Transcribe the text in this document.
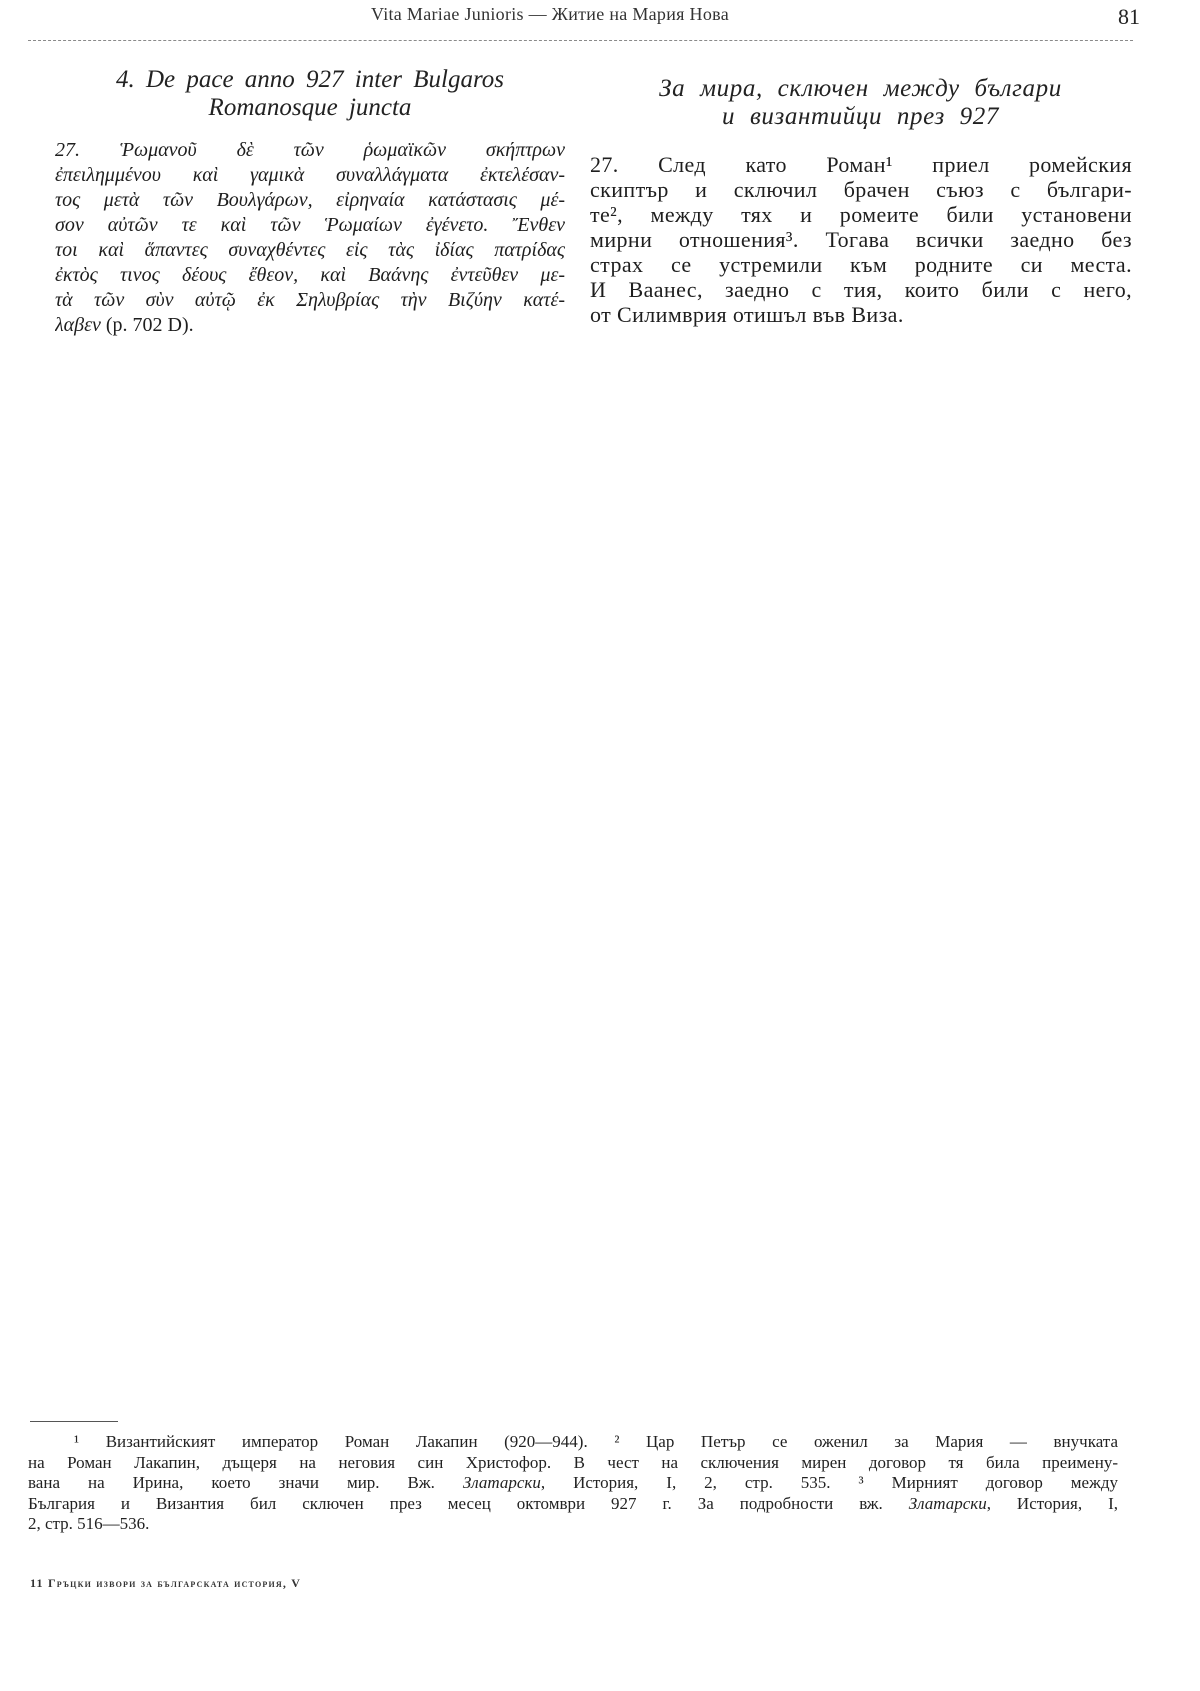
Vita Mariae Junioris — Житие на Мария Нова	81
4. De pace anno 927 inter Bulgaros
Romanosque juncta
За мира, сключен между българи
и византийци през 927
27. Ῥωμανοῦ δὲ τῶν ῥωμαϊκῶν σκήπτρων
ἐπειλημμένου καὶ γαμικὰ συναλλάγματα ἐκτελέσαν-
τος μετὰ τῶν Βουλγάρων, εἰρηναία κατάστασις μέ-
σον αὐτῶν τε καὶ τῶν Ῥωμαίων ἐγένετο. Ἔνθεν
τοι καὶ ἅπαντες συναχθέντες εἰς τὰς ἰδίας πατρίδας
ἐκτὸς τινος δέους ἔθεον, καὶ Βαάνης ἐντεῦθεν με-
τὰ τῶν σὺν αὐτῷ ἐκ Σηλυβρίας τὴν Βιζύην κατέ-
λαβεν (p. 702 D).
27. След като Роман¹ приел ромейския
скиптър и сключил брачен съюз с българи-
те², между тях и ромеите били установени
мирни отношения³. Тогава всички заедно без
страх се устремили към родните си места.
И Ваанес, заедно с тия, които били с него,
от Силимврия отишъл във Виза.
¹ Византийският император Роман Лакапин (920—944). ² Цар Петър се оженил за Мария — внучката
на Роман Лакапин, дъщеря на неговия син Христофор. В чест на сключения мирен договор тя била преимену-
вана на Ирина, което значи мир. Вж. Златарски, История, I, 2, стр. 535. ³ Мирният договор между
България и Византия бил сключен през месец октомври 927 г. За подробности вж. Златарски, История, I,
2, стр. 516—536.
11 Гръцки извори за българската история, V
